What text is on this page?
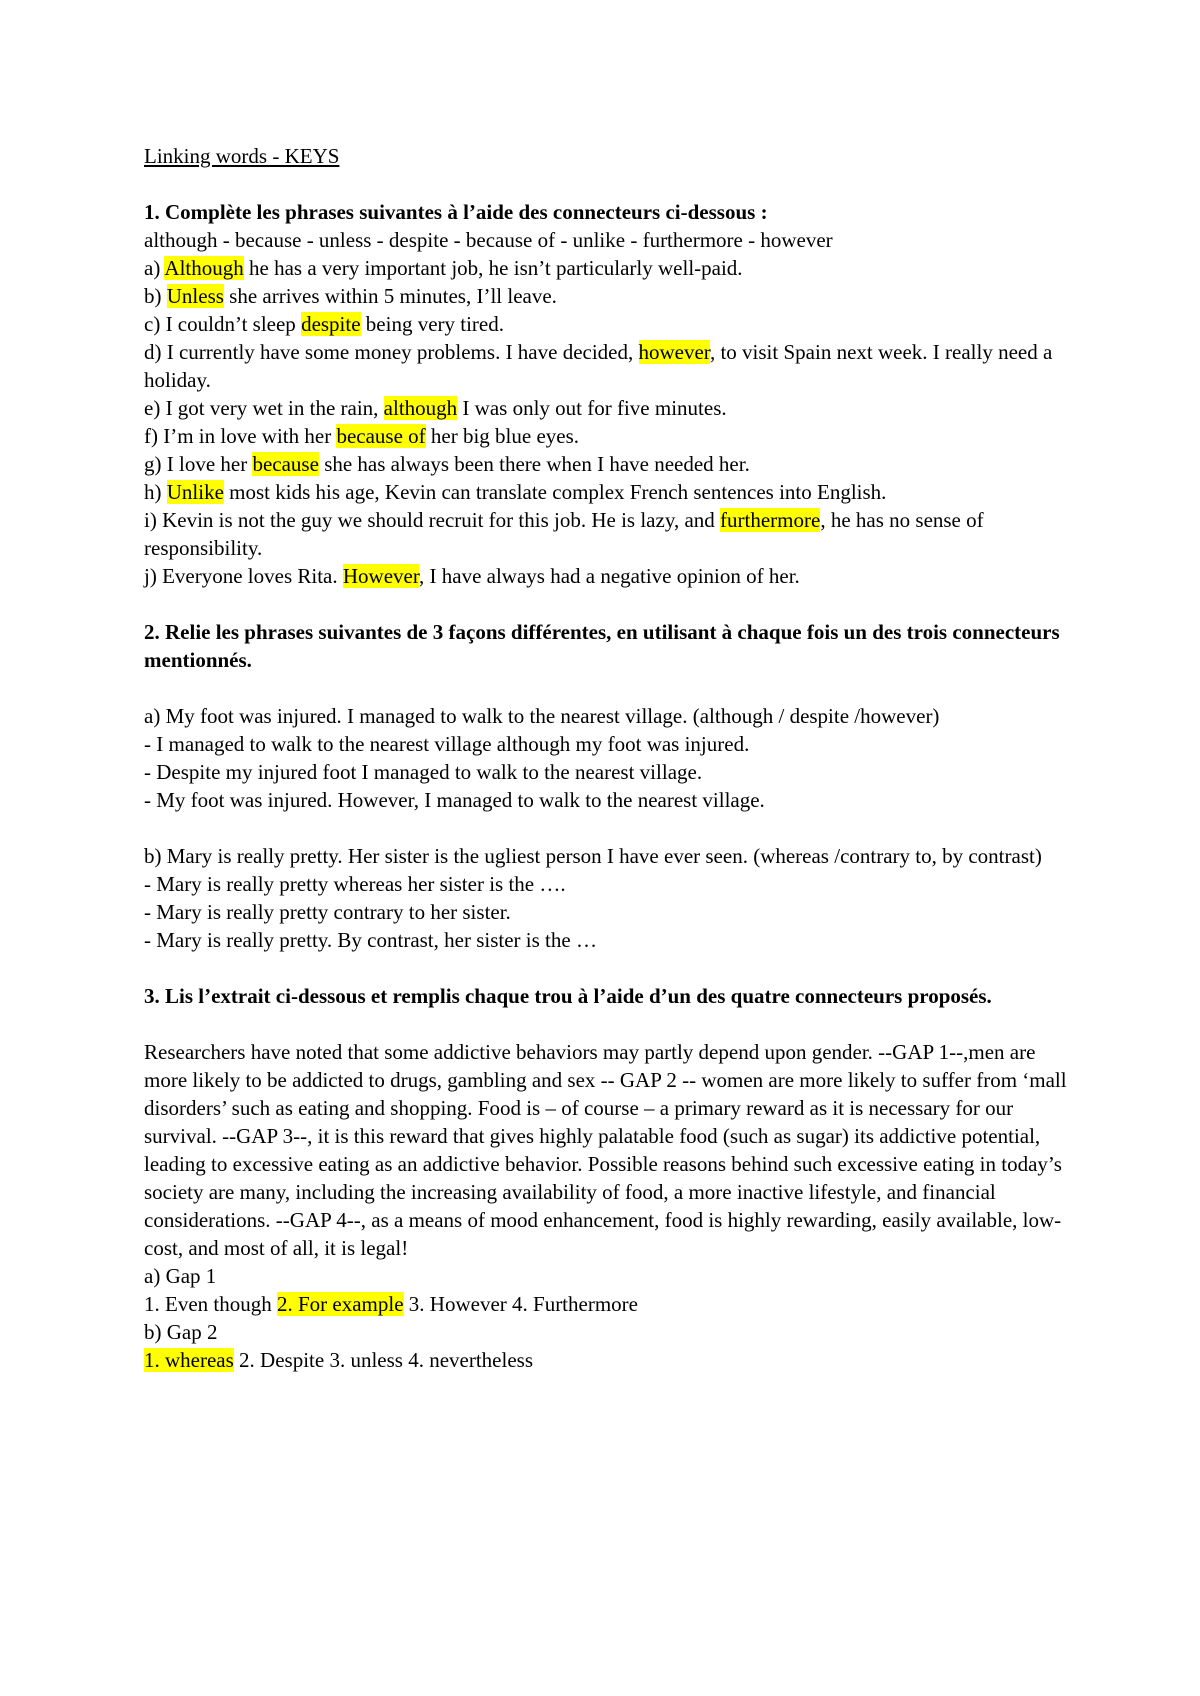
Linking words - KEYS

1. Complète les phrases suivantes à l’aide des connecteurs ci-dessous :

although - because - unless - despite - because of - unlike - furthermore - however

a) Although he has a very important job, he isn’t particularly well-paid.

b) Unless she arrives within 5 minutes, I’ll leave.

c) I couldn’t sleep despite being very tired.

d) I currently have some money problems. I have decided, however, to visit Spain next week. I really need a holiday.

e) I got very wet in the rain, although I was only out for five minutes.

f) I’m in love with her because of her big blue eyes.

g) I love her because she has always been there when I have needed her.

h) Unlike most kids his age, Kevin can translate complex French sentences into English.

i) Kevin is not the guy we should recruit for this job. He is lazy, and furthermore, he has no sense of responsibility.

j) Everyone loves Rita. However, I have always had a negative opinion of her.

2. Relie les phrases suivantes de 3 façons différentes, en utilisant à chaque fois un des trois connecteurs mentionnés.

a) My foot was injured. I managed to walk to the nearest village. (although / despite /however)

- I managed to walk to the nearest village although my foot was injured.

- Despite my injured foot I managed to walk to the nearest village.

- My foot was injured. However, I managed to walk to the nearest village.

b) Mary is really pretty. Her sister is the ugliest person I have ever seen. (whereas /contrary to, by contrast)

- Mary is really pretty whereas her sister is the ….

- Mary is really pretty contrary to her sister.

- Mary is really pretty. By contrast, her sister is the …

3. Lis l’extrait ci-dessous et remplis chaque trou à l’aide d’un des quatre connecteurs proposés.

Researchers have noted that some addictive behaviors may partly depend upon gender. --GAP 1--,men are more likely to be addicted to drugs, gambling and sex -- GAP 2 -- women are more likely to suffer from ‘mall disorders’ such as eating and shopping. Food is – of course – a primary reward as it is necessary for our survival. --GAP 3--, it is this reward that gives highly palatable food (such as sugar) its addictive potential, leading to excessive eating as an addictive behavior. Possible reasons behind such excessive eating in today’s society are many, including the increasing availability of food, a more inactive lifestyle, and financial considerations. --GAP 4--, as a means of mood enhancement, food is highly rewarding, easily available, low-cost, and most of all, it is legal!

a) Gap 1

1. Even though 2. For example 3. However 4. Furthermore

b) Gap 2

1. whereas 2. Despite 3. unless 4. nevertheless
